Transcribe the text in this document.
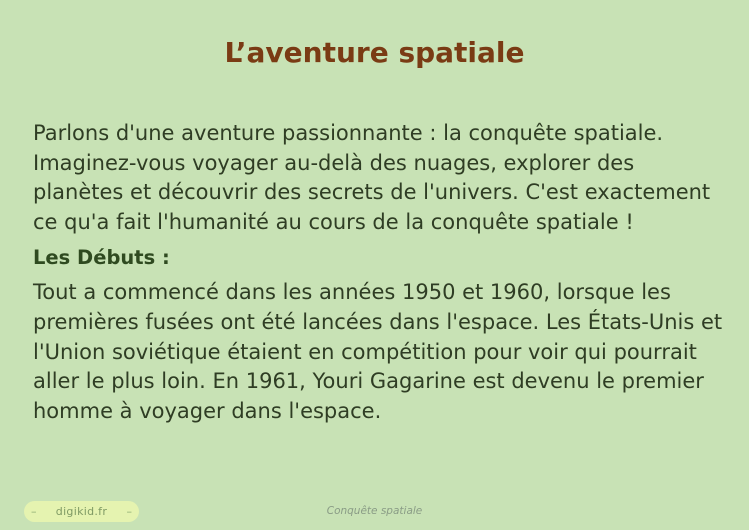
L’aventure spatiale

Parlons d'une aventure passionnante : la conquête spatiale. Imaginez-vous voyager au-delà des nuages, explorer des planètes et découvrir des secrets de l'univers. C'est exactement ce qu'a fait l'humanité au cours de la conquête spatiale !

Les Débuts :

Tout a commencé dans les années 1950 et 1960, lorsque les premières fusées ont été lancées dans l'espace. Les États-Unis et l'Union soviétique étaient en compétition pour voir qui pourrait aller le plus loin. En 1961, Youri Gagarine est devenu le premier homme à voyager dans l'espace.

– digikid.fr –	Conquête spatiale
